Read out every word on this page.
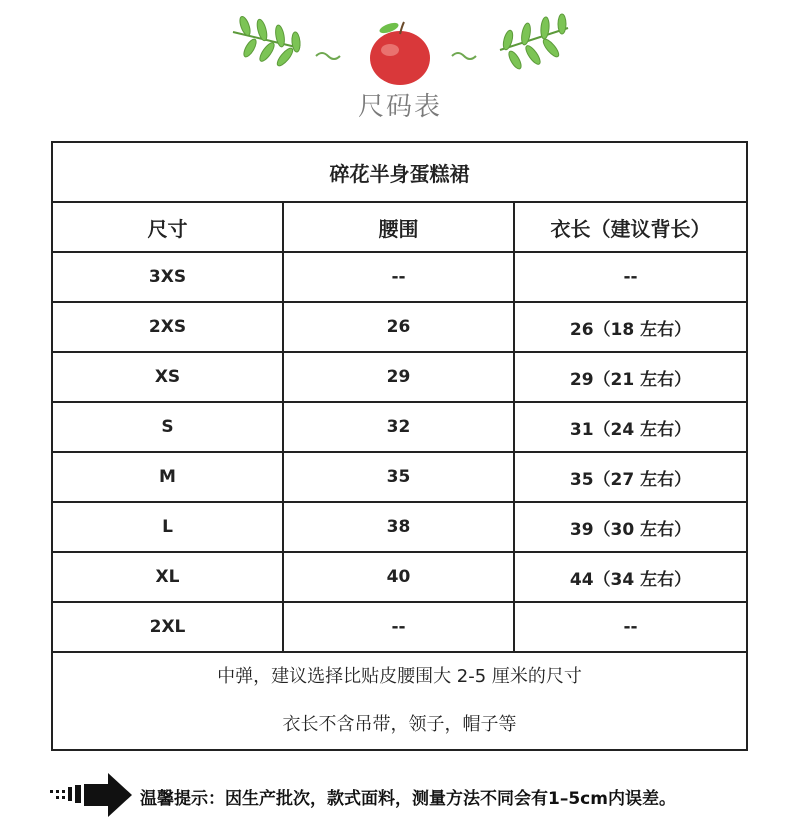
尺码表
碎花半身蛋糕裙		
尺寸	腰围	衣长（建议背长）
3XS	--	--
2XS	26	26（18 左右）
XS	29	29（21 左右）
S	32	31（24 左右）
M	35	35（27 左右）
L	38	39（30 左右）
XL	40	44（34 左右）
2XL	--	--

中弹，建议选择比贴皮腰围大 2-5 厘米的尺寸
衣长不含吊带，领子，帽子等		
温馨提示：因生产批次，款式面料，测量方法不同会有1–5cm内误差。
